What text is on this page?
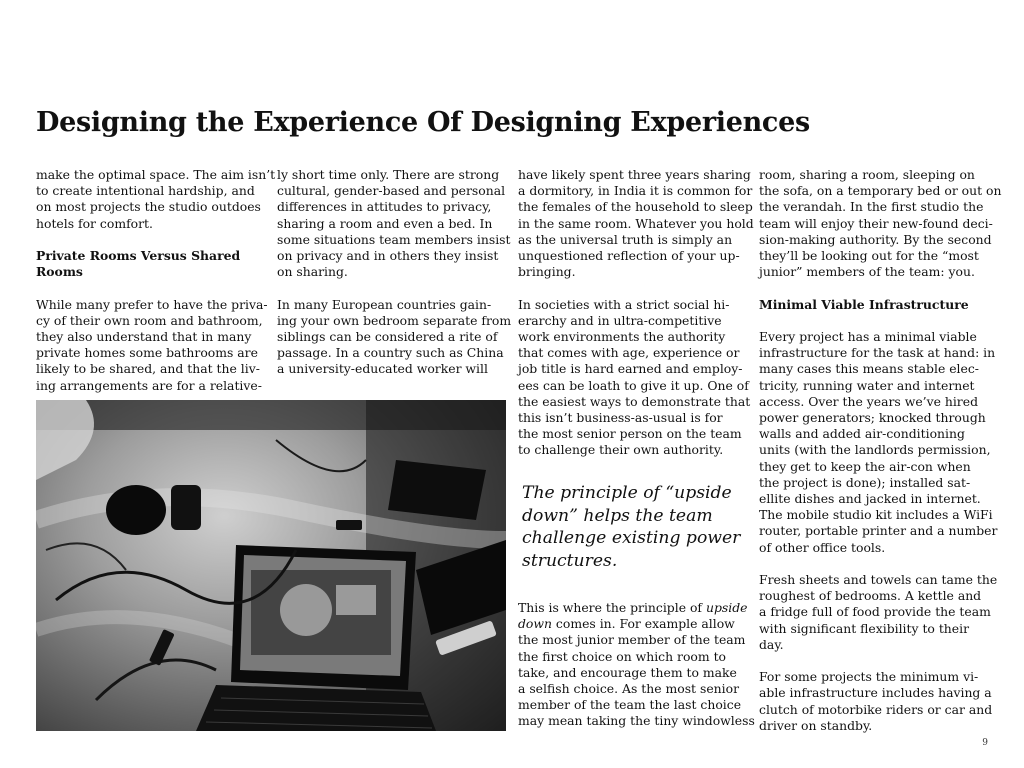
Designing the Experience Of Designing Experiences

make the optimal space. The aim isn’t
to create intentional hardship, and
on most projects the studio outdoes
hotels for comfort.

Private Rooms Versus Shared Rooms

While many prefer to have the priva-
cy of their own room and bathroom,
they also understand that in many
private homes some bathrooms are
likely to be shared, and that the liv-
ing arrangements are for a relative-

ly short time only. There are strong
cultural, gender-based and personal
differences in attitudes to privacy,
sharing a room and even a bed. In
some situations team members insist
on privacy and in others they insist
on sharing.

In many European countries gain-
ing your own bedroom separate from
siblings can be considered a rite of
passage. In a country such as China
a university-educated worker will

have likely spent three years sharing
a dormitory, in India it is common for
the females of the household to sleep
in the same room. Whatever you hold
as the universal truth is simply an
unquestioned reflection of your up-
bringing.

In societies with a strict social hi-
erarchy and in ultra-competitive
work environments the authority
that comes with age, experience or
job title is hard earned and employ-
ees can be loath to give it up. One of
the easiest ways to demonstrate that
this isn’t business-as-usual is for
the most senior person on the team
to challenge their own authority.

The principle of “upside
down” helps the team
challenge existing power
structures.

This is where the principle of upside
down comes in. For example allow
the most junior member of the team
the first choice on which room to
take, and encourage them to make
a selfish choice. As the most senior
member of the team the last choice
may mean taking the tiny windowless

room, sharing a room, sleeping on
the sofa, on a temporary bed or out on
the verandah. In the first studio the
team will enjoy their new-found deci-
sion-making authority. By the second
they’ll be looking out for the “most
junior” members of the team: you.

Minimal Viable Infrastructure

Every project has a minimal viable
infrastructure for the task at hand: in
many cases this means stable elec-
tricity, running water and internet
access. Over the years we’ve hired
power generators; knocked through
walls and added air-conditioning
units (with the landlords permission,
they get to keep the air-con when
the project is done); installed sat-
ellite dishes and jacked in internet.
The mobile studio kit includes a WiFi
router, portable printer and a number
of other office tools.

Fresh sheets and towels can tame the
roughest of bedrooms. A kettle and
a fridge full of food provide the team
with significant flexibility to their
day.

For some projects the minimum vi-
able infrastructure includes having a
clutch of motorbike riders or car and
driver on standby.

9
